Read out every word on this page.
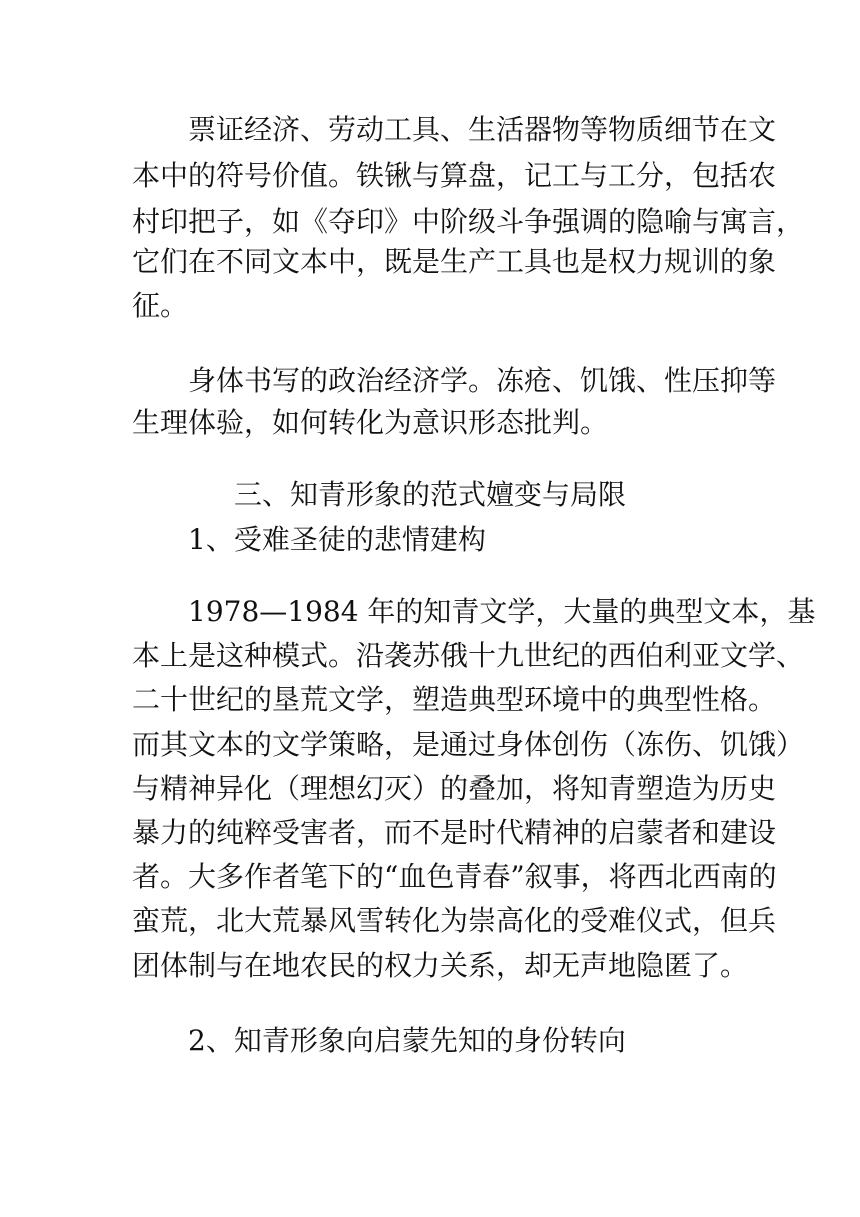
票证经济、劳动工具、生活器物等物质细节在文
本中的符号价值。铁锹与算盘，记工与工分，包括农
村印把子，如《夺印》中阶级斗争强调的隐喻与寓言，
它们在不同文本中，既是生产工具也是权力规训的象
征。
身体书写的政治经济学。冻疮、饥饿、性压抑等
生理体验，如何转化为意识形态批判。
三、知青形象的范式嬗变与局限
1、受难圣徒的悲情建构
1978—1984 年的知青文学，大量的典型文本，基
本上是这种模式。沿袭苏俄十九世纪的西伯利亚文学、
二十世纪的垦荒文学，塑造典型环境中的典型性格。
而其文本的文学策略，是通过身体创伤（冻伤、饥饿）
与精神异化（理想幻灭）的叠加，将知青塑造为历史
暴力的纯粹受害者，而不是时代精神的启蒙者和建设
者。大多作者笔下的“血色青春”叙事，将西北西南的
蛮荒，北大荒暴风雪转化为崇高化的受难仪式，但兵
团体制与在地农民的权力关系，却无声地隐匿了。
2、知青形象向启蒙先知的身份转向
